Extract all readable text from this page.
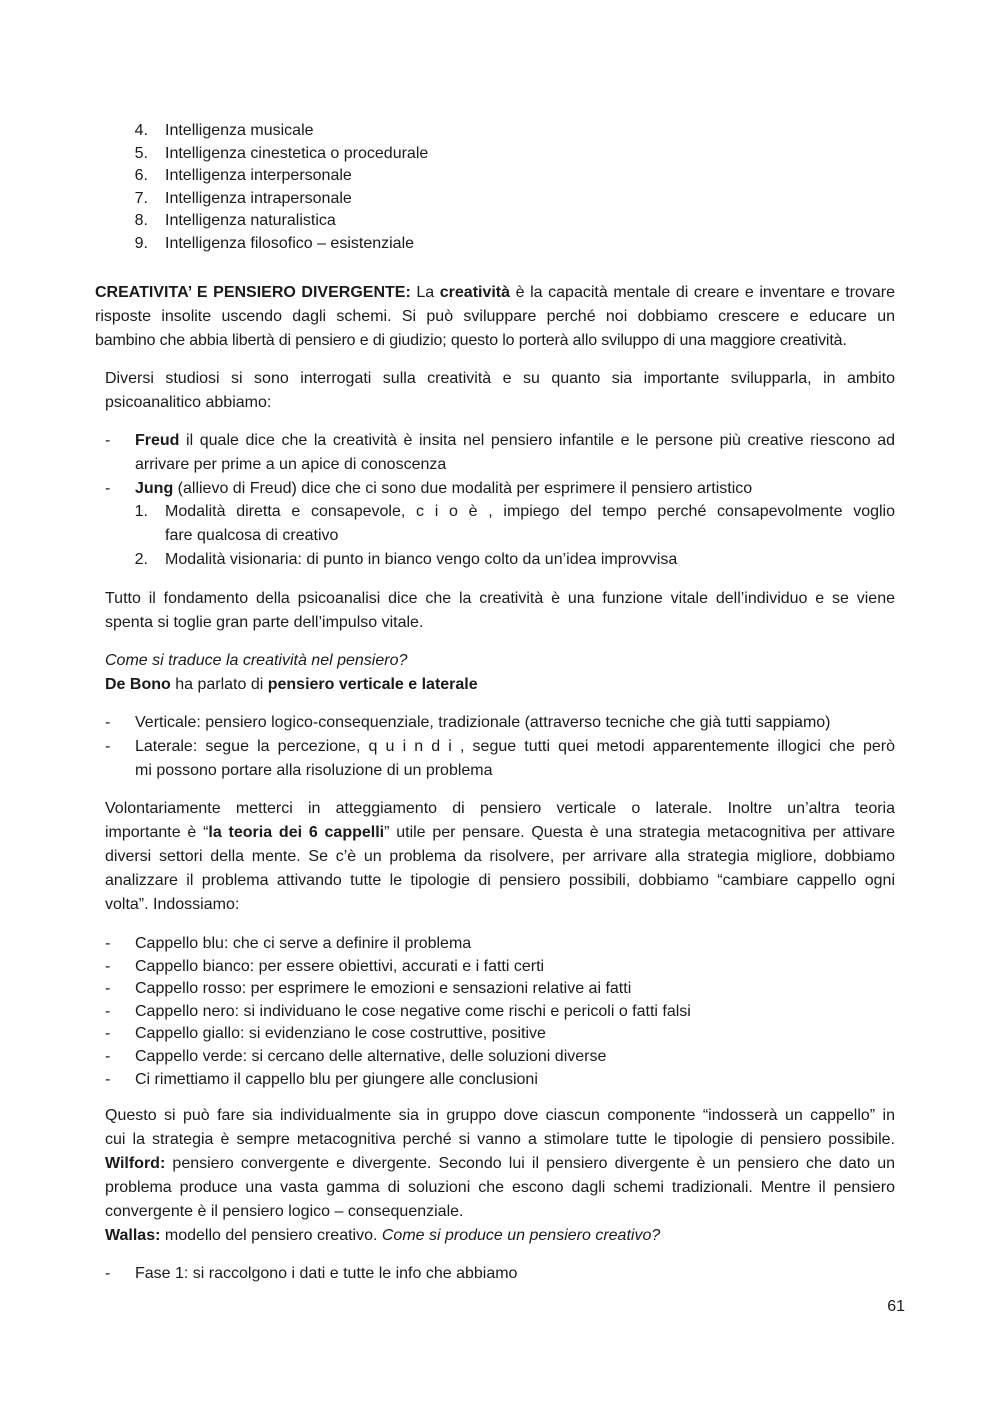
4. Intelligenza musicale
5. Intelligenza cinestetica o procedurale
6. Intelligenza interpersonale
7. Intelligenza intrapersonale
8. Intelligenza naturalistica
9. Intelligenza filosofico – esistenziale
CREATIVITA’ E PENSIERO DIVERGENTE: La creatività è la capacità mentale di creare e inventare e trovare
risposte insolite uscendo dagli schemi. Si può sviluppare perché noi dobbiamo crescere e educare un
bambino che abbia libertà di pensiero e di giudizio; questo lo porterà allo sviluppo di una maggiore creatività.
Diversi studiosi si sono interrogati sulla creatività e su quanto sia importante svilupparla, in ambito
psicoanalitico abbiamo:
- Freud il quale dice che la creatività è insita nel pensiero infantile e le persone più creative riescono ad
arrivare per prime a un apice di conoscenza
- Jung (allievo di Freud) dice che ci sono due modalità per esprimere il pensiero artistico
1. Modalità diretta e consapevole, c i o è , impiego del tempo perché consapevolmente voglio
fare qualcosa di creativo
2. Modalità visionaria: di punto in bianco vengo colto da un’idea improvvisa
Tutto il fondamento della psicoanalisi dice che la creatività è una funzione vitale dell’individuo e se viene
spenta si toglie gran parte dell’impulso vitale.
Come si traduce la creatività nel pensiero?
De Bono ha parlato di pensiero verticale e laterale
- Verticale: pensiero logico-consequenziale, tradizionale (attraverso tecniche che già tutti sappiamo)
- Laterale: segue la percezione, q u i n d i , segue tutti quei metodi apparentemente illogici che però
mi possono portare alla risoluzione di un problema
Volontariamente metterci in atteggiamento di pensiero verticale o laterale. Inoltre un’altra teoria
importante è “la teoria dei 6 cappelli” utile per pensare. Questa è una strategia metacognitiva per attivare
diversi settori della mente. Se c’è un problema da risolvere, per arrivare alla strategia migliore, dobbiamo
analizzare il problema attivando tutte le tipologie di pensiero possibili, dobbiamo “cambiare cappello ogni
volta”. Indossiamo:
- Cappello blu: che ci serve a definire il problema
- Cappello bianco: per essere obiettivi, accurati e i fatti certi
- Cappello rosso: per esprimere le emozioni e sensazioni relative ai fatti
- Cappello nero: si individuano le cose negative come rischi e pericoli o fatti falsi
- Cappello giallo: si evidenziano le cose costruttive, positive
- Cappello verde: si cercano delle alternative, delle soluzioni diverse
- Ci rimettiamo il cappello blu per giungere alle conclusioni
Questo si può fare sia individualmente sia in gruppo dove ciascun componente “indosserà un cappello” in
cui la strategia è sempre metacognitiva perché si vanno a stimolare tutte le tipologie di pensiero possibile.
Wilford: pensiero convergente e divergente. Secondo lui il pensiero divergente è un pensiero che dato un
problema produce una vasta gamma di soluzioni che escono dagli schemi tradizionali. Mentre il pensiero
convergente è il pensiero logico – consequenziale.
Wallas: modello del pensiero creativo. Come si produce un pensiero creativo?
- Fase 1: si raccolgono i dati e tutte le info che abbiamo
61
